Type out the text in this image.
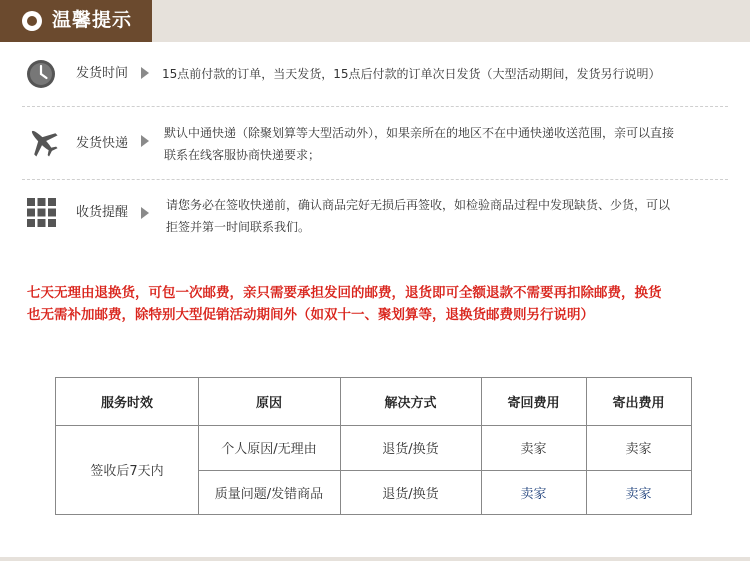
温馨提示
发货时间	15点前付款的订单，当天发货，15点后付款的订单次日发货（大型活动期间，发货另行说明）
发货快递
默认中通快递（除聚划算等大型活动外），如果亲所在的地区不在中通快递收送范围，亲可以直接
联系在线客服协商快递要求；
收货提醒	请您务必在签收快递前，确认商品完好无损后再签收，如检验商品过程中发现缺货、少货，可以
拒签并第一时间联系我们。
七天无理由退换货，可包一次邮费，亲只需要承担发回的邮费，退货即可全额退款不需要再扣除邮费，换货
也无需补加邮费，除特别大型促销活动期间外（如双十一、聚划算等，退换货邮费则另行说明）
服务时效	原因	解决方式	寄回费用	寄出费用
签收后7天内
个人原因/无理由	退货/换货	卖家	卖家
质量问题/发错商品	退货/换货	卖家	卖家
